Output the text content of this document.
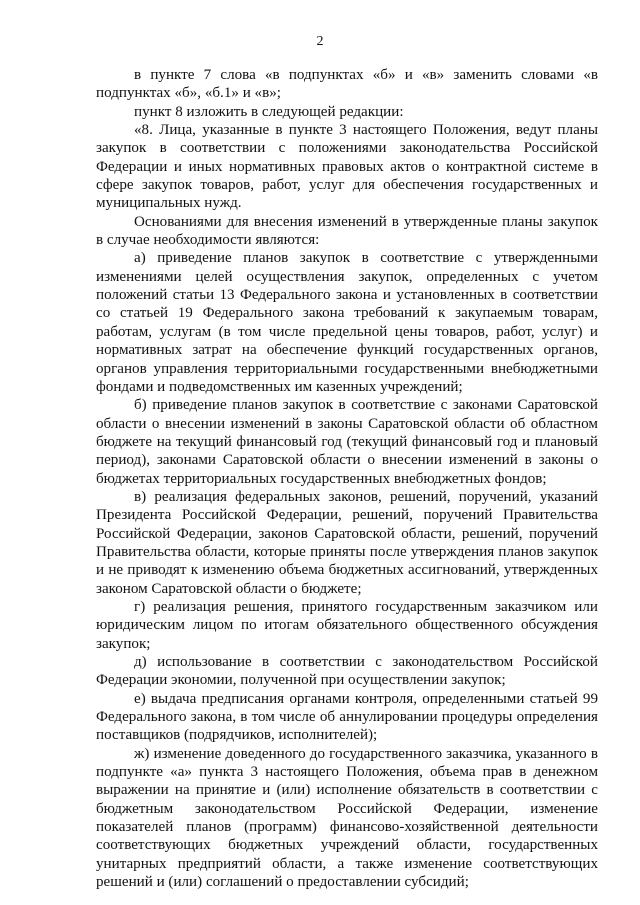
2

в пункте 7 слова «в подпунктах «б» и «в» заменить словами «в подпунктах «б», «б.1» и «в»;

пункт 8 изложить в следующей редакции:

«8. Лица, указанные в пункте 3 настоящего Положения, ведут планы закупок в соответствии с положениями законодательства Российской Федерации и иных нормативных правовых актов о контрактной системе в сфере закупок товаров, работ, услуг для обеспечения государственных и муниципальных нужд.

Основаниями для внесения изменений в утвержденные планы закупок в случае необходимости являются:

а) приведение планов закупок в соответствие с утвержденными изменениями целей осуществления закупок, определенных с учетом положений статьи 13 Федерального закона и установленных в соответствии со статьей 19 Федерального закона требований к закупаемым товарам, работам, услугам (в том числе предельной цены товаров, работ, услуг) и нормативных затрат на обеспечение функций государственных органов, органов управления территориальными государственными внебюджетными фондами и подведомственных им казенных учреждений;

б) приведение планов закупок в соответствие с законами Саратовской области о внесении изменений в законы Саратовской области об областном бюджете на текущий финансовый год (текущий финансовый год и плановый период), законами Саратовской области о внесении изменений в законы о бюджетах территориальных государственных внебюджетных фондов;

в) реализация федеральных законов, решений, поручений, указаний Президента Российской Федерации, решений, поручений Правительства Российской Федерации, законов Саратовской области, решений, поручений Правительства области, которые приняты после утверждения планов закупок и не приводят к изменению объема бюджетных ассигнований, утвержденных законом Саратовской области о бюджете;

г) реализация решения, принятого государственным заказчиком или юридическим лицом по итогам обязательного общественного обсуждения закупок;

д) использование в соответствии с законодательством Российской Федерации экономии, полученной при осуществлении закупок;

е) выдача предписания органами контроля, определенными статьей 99 Федерального закона, в том числе об аннулировании процедуры определения поставщиков (подрядчиков, исполнителей);

ж) изменение доведенного до государственного заказчика, указанного в подпункте «а» пункта 3 настоящего Положения, объема прав в денежном выражении на принятие и (или) исполнение обязательств в соответствии с бюджетным законодательством Российской Федерации, изменение показателей планов (программ) финансово-хозяйственной деятельности соответствующих бюджетных учреждений области, государственных унитарных предприятий области, а также изменение соответствующих решений и (или) соглашений о предоставлении субсидий;
